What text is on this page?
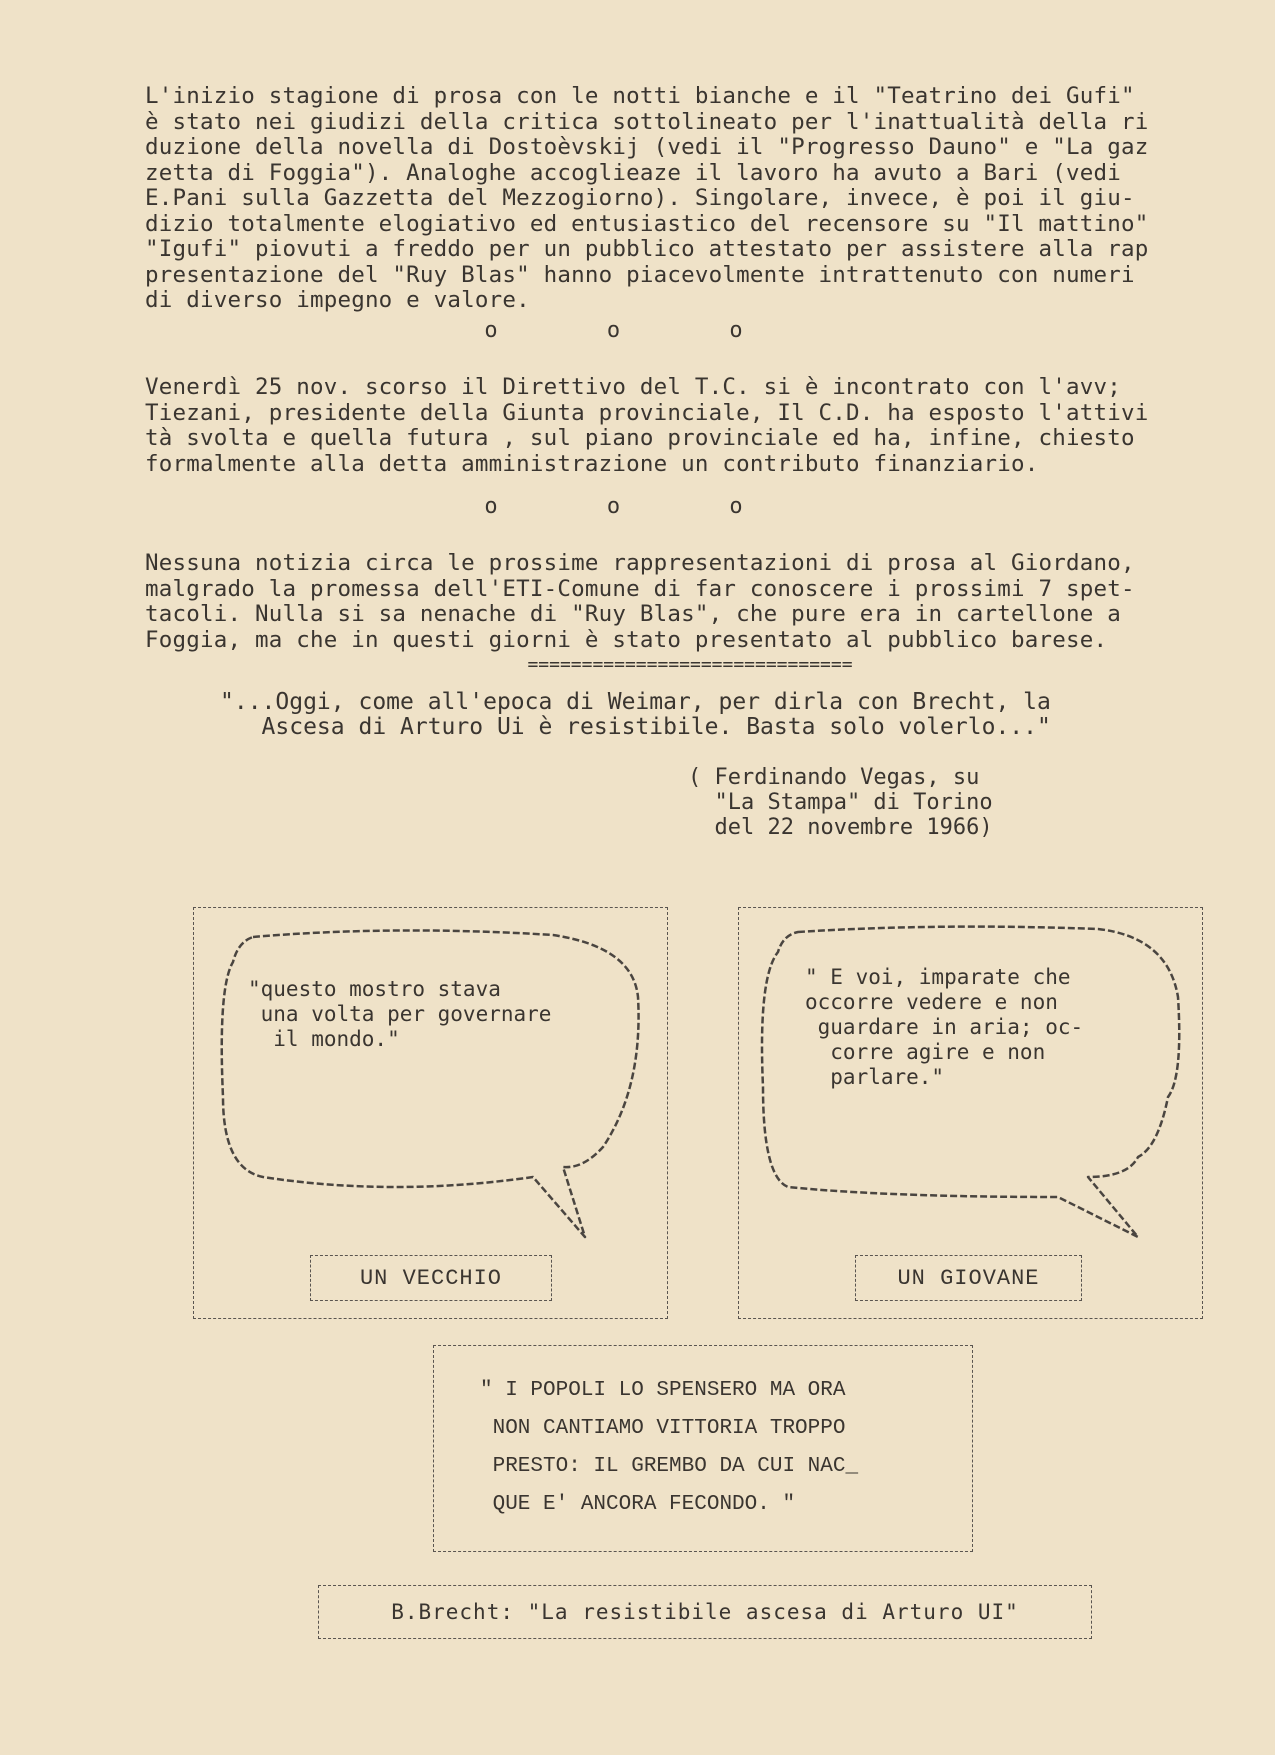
L'inizio stagione di prosa con le notti bianche e il "Teatrino dei Gufi"
è stato nei giudizi della critica sottolineato per l'inattualità della ri
duzione della novella di Dostoèvskij (vedi il "Progresso Dauno" e "La gaz
zetta di Foggia"). Analoghe accoglieaze il lavoro ha avuto a Bari (vedi
E.Pani sulla Gazzetta del Mezzogiorno). Singolare, invece, è poi il giu-
dizio totalmente elogiativo ed entusiastico del recensore su "Il mattino"
"Igufi" piovuti a freddo per un pubblico attestato per assistere alla rap
presentazione del "Ruy Blas" hanno piacevolmente intrattenuto con numeri
di diverso impegno e valore.
o o o
Venerdì 25 nov. scorso il Direttivo del T.C. si è incontrato con l'avv;
Tiezani, presidente della Giunta provinciale, Il C.D. ha esposto l'attivi
tà svolta e quella futura , sul piano provinciale ed ha, infine, chiesto
formalmente alla detta amministrazione un contributo finanziario.
o o o
Nessuna notizia circa le prossime rappresentazioni di prosa al Giordano,
malgrado la promessa dell'ETI-Comune di far conoscere i prossimi 7 spet-
tacoli. Nulla si sa nenache di "Ruy Blas", che pure era in cartellone a
Foggia, ma che in questi giorni è stato presentato al pubblico barese.
==============================
"...Oggi, come all'epoca di Weimar, per dirla con Brecht, la
Ascesa di Arturo Ui è resistibile. Basta solo volerlo..."
( Ferdinando Vegas, su
"La Stampa" di Torino
del 22 novembre 1966)
"questo mostro stava
una volta per governare
il mondo."
UN VECCHIO
" E voi, imparate che
occorre vedere e non
guardare in aria; oc-
corre agire e non
parlare."
UN GIOVANE
" I POPOLI LO SPENSERO MA ORA
NON CANTIAMO VITTORIA TROPPO
PRESTO: IL GREMBO DA CUI NAC_
QUE E' ANCORA FECONDO. "
B.Brecht: "La resistibile ascesa di Arturo UI"
